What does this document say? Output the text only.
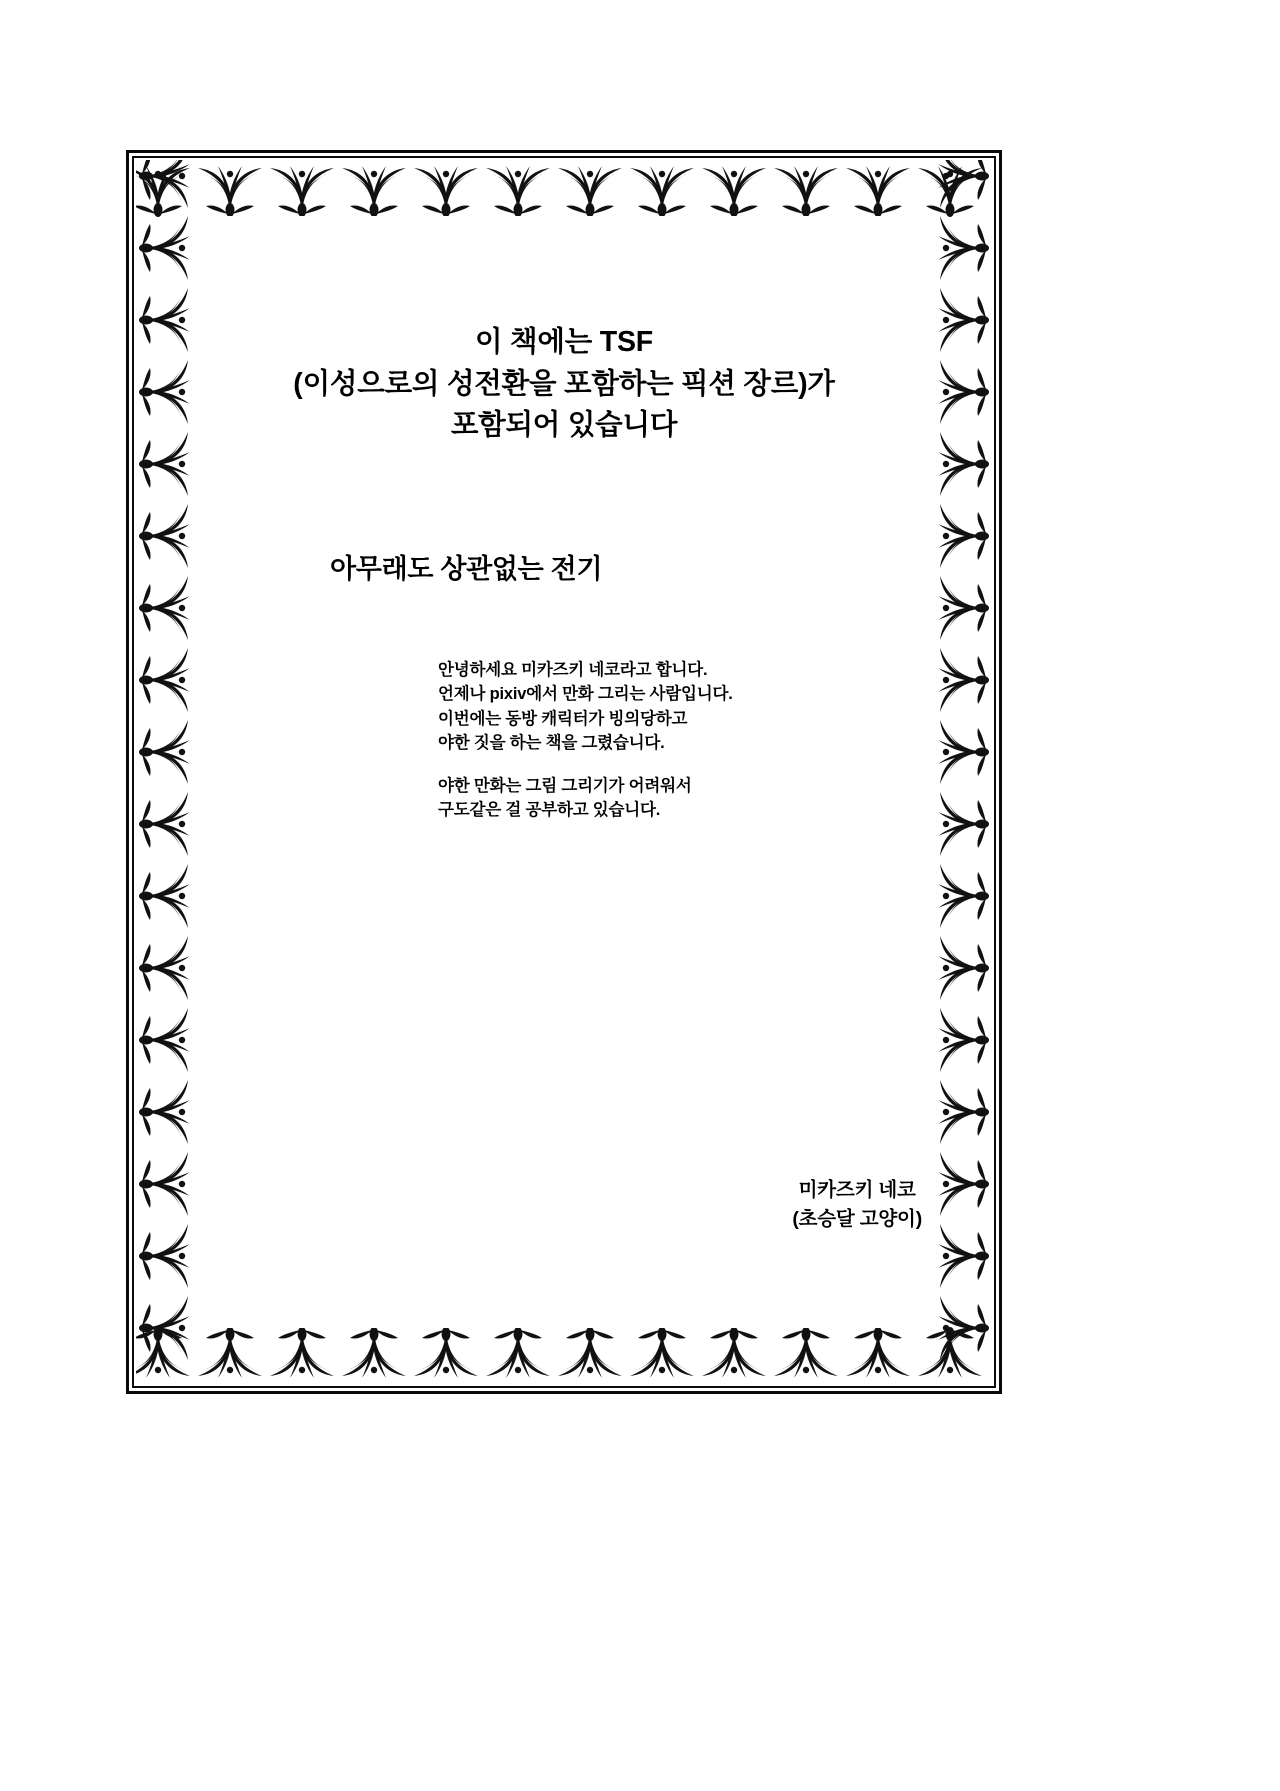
이 책에는 TSF
(이성으로의 성전환을 포함하는 픽션 장르)가
포함되어 있습니다
아무래도 상관없는 전기
안녕하세요 미카즈키 네코라고 합니다.
언제나 pixiv에서 만화 그리는 사람입니다.
이번에는 동방 캐릭터가 빙의당하고
야한 짓을 하는 책을 그렸습니다.
야한 만화는 그림 그리기가 어려워서
구도같은 걸 공부하고 있습니다.
미카즈키 네코
(초승달 고양이)
